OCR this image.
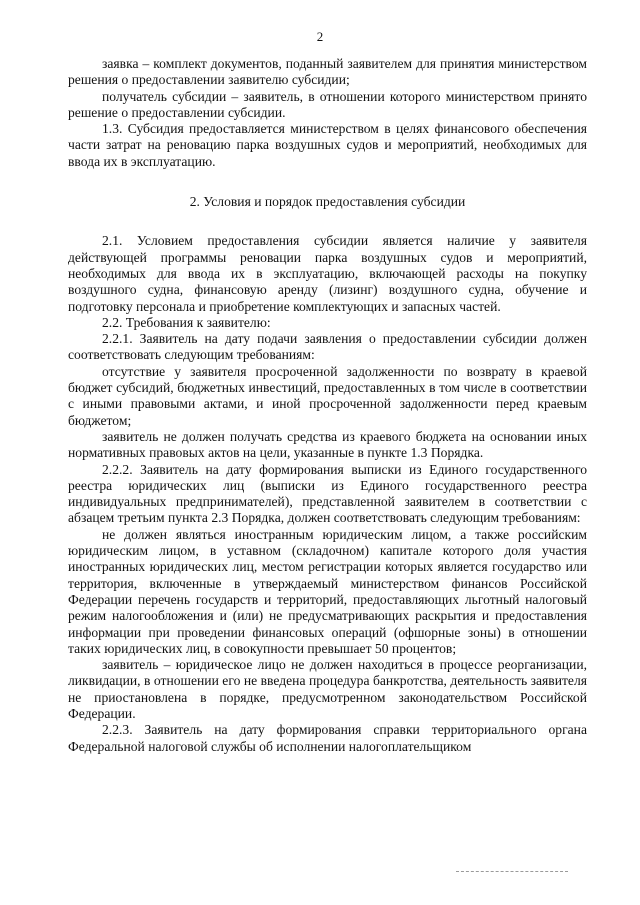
2

заявка – комплект документов, поданный заявителем для принятия министерством решения о предоставлении заявителю субсидии;

получатель субсидии – заявитель, в отношении которого министерством принято решение о предоставлении субсидии.

1.3. Субсидия предоставляется министерством в целях финансового обеспечения части затрат на реновацию парка воздушных судов и мероприятий, необходимых для ввода их в эксплуатацию.

2. Условия и порядок предоставления субсидии

2.1. Условием предоставления субсидии является наличие у заявителя действующей программы реновации парка воздушных судов и мероприятий, необходимых для ввода их в эксплуатацию, включающей расходы на покупку воздушного судна, финансовую аренду (лизинг) воздушного судна, обучение и подготовку персонала и приобретение комплектующих и запасных частей.

2.2. Требования к заявителю:

2.2.1. Заявитель на дату подачи заявления о предоставлении субсидии должен соответствовать следующим требованиям:

отсутствие у заявителя просроченной задолженности по возврату в краевой бюджет субсидий, бюджетных инвестиций, предоставленных в том числе в соответствии с иными правовыми актами, и иной просроченной задолженности перед краевым бюджетом;

заявитель не должен получать средства из краевого бюджета на основании иных нормативных правовых актов на цели, указанные в пункте 1.3 Порядка.

2.2.2. Заявитель на дату формирования выписки из Единого государственного реестра юридических лиц (выписки из Единого государственного реестра индивидуальных предпринимателей), представленной заявителем в соответствии с абзацем третьим пункта 2.3 Порядка, должен соответствовать следующим требованиям:

не должен являться иностранным юридическим лицом, а также российским юридическим лицом, в уставном (складочном) капитале которого доля участия иностранных юридических лиц, местом регистрации которых является государство или территория, включенные в утверждаемый министерством финансов Российской Федерации перечень государств и территорий, предоставляющих льготный налоговый режим налогообложения и (или) не предусматривающих раскрытия и предоставления информации при проведении финансовых операций (офшорные зоны) в отношении таких юридических лиц, в совокупности превышает 50 процентов;

заявитель – юридическое лицо не должен находиться в процессе реорганизации, ликвидации, в отношении его не введена процедура банкротства, деятельность заявителя не приостановлена в порядке, предусмотренном законодательством Российской Федерации.

2.2.3. Заявитель на дату формирования справки территориального органа Федеральной налоговой службы об исполнении налогоплательщиком
